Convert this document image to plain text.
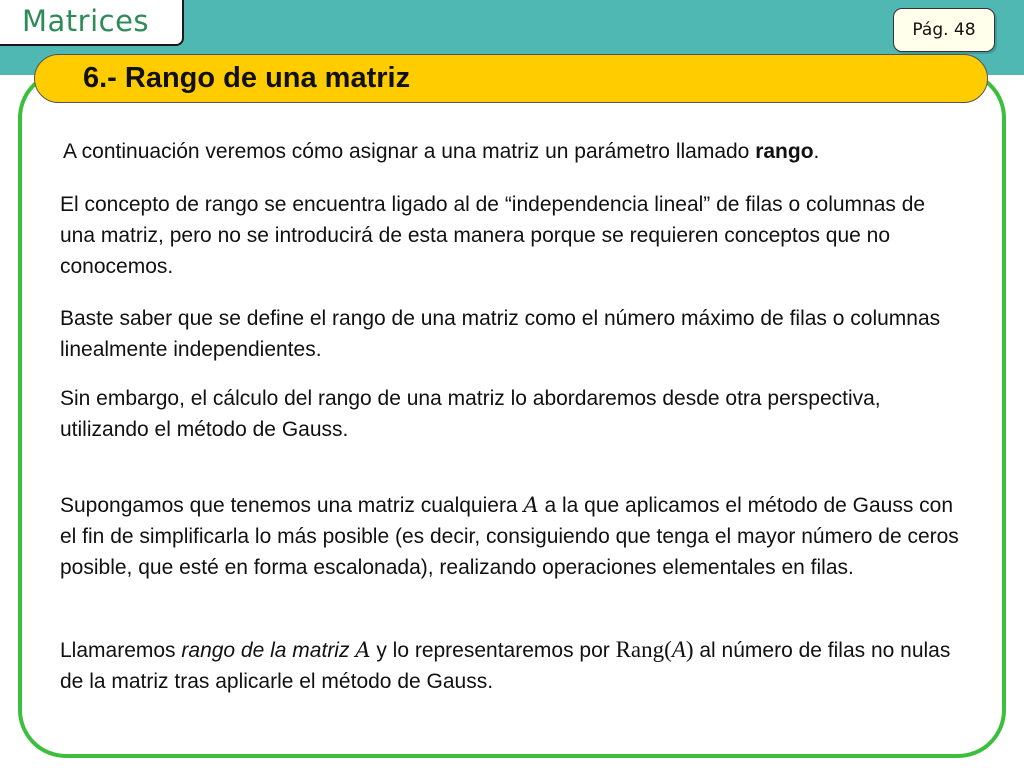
Matrices	Pág. 48
6.- Rango de una matriz

A continuación veremos cómo asignar a una matriz un parámetro llamado rango.

El concepto de rango se encuentra ligado al de “independencia lineal” de filas o columnas de una matriz, pero no se introducirá de esta manera porque se requieren conceptos que no conocemos.

Baste saber que se define el rango de una matriz como el número máximo de filas o columnas linealmente independientes.

Sin embargo, el cálculo del rango de una matriz lo abordaremos desde otra perspectiva, utilizando el método de Gauss.

Supongamos que tenemos una matriz cualquiera A a la que aplicamos el método de Gauss con el fin de simplificarla lo más posible (es decir, consiguiendo que tenga el mayor número de ceros posible, que esté en forma escalonada), realizando operaciones elementales en filas.

Llamaremos rango de la matriz A y lo representaremos por Rang(A) al número de filas no nulas de la matriz tras aplicarle el método de Gauss.
